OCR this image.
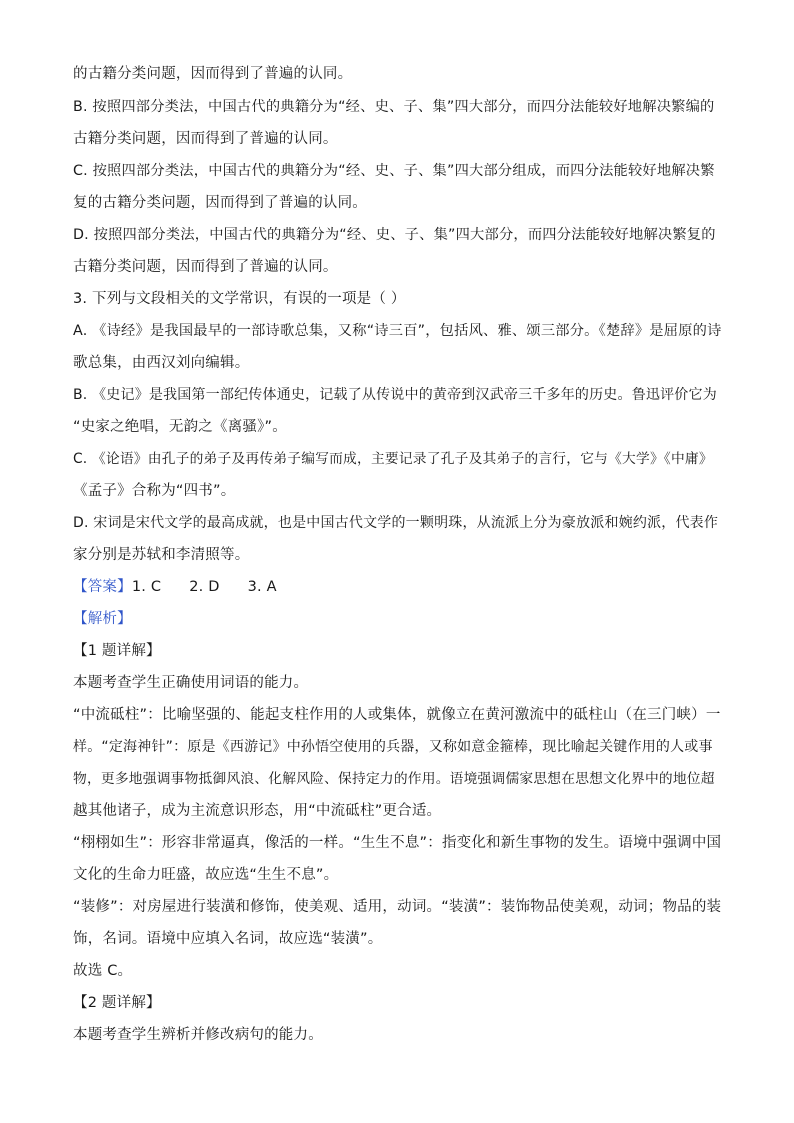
的古籍分类问题，因而得到了普遍的认同。
B. 按照四部分类法，中国古代的典籍分为“经、史、子、集”四大部分，而四分法能较好地解决繁编的
古籍分类问题，因而得到了普遍的认同。
C. 按照四部分类法，中国古代的典籍分为“经、史、子、集”四大部分组成，而四分法能较好地解决繁
复的古籍分类问题，因而得到了普遍的认同。
D. 按照四部分类法，中国古代的典籍分为“经、史、子、集”四大部分，而四分法能较好地解决繁复的
古籍分类问题，因而得到了普遍的认同。
3. 下列与文段相关的文学常识，有误的一项是（ ）
A. 《诗经》是我国最早的一部诗歌总集，又称“诗三百”，包括风、雅、颂三部分。《楚辞》是屈原的诗
歌总集，由西汉刘向编辑。
B. 《史记》是我国第一部纪传体通史，记载了从传说中的黄帝到汉武帝三千多年的历史。鲁迅评价它为
“史家之绝唱，无韵之《离骚》”。
C. 《论语》由孔子的弟子及再传弟子编写而成，主要记录了孔子及其弟子的言行，它与《大学》《中庸》
《孟子》合称为“四书”。
D. 宋词是宋代文学的最高成就，也是中国古代文学的一颗明珠，从流派上分为豪放派和婉约派，代表作
家分别是苏轼和李清照等。
【答案】1. C 2. D 3. A
【解析】
【1 题详解】
本题考查学生正确使用词语的能力。
“中流砥柱”：比喻坚强的、能起支柱作用的人或集体，就像立在黄河激流中的砥柱山（在三门峡）一
样。“定海神针”：原是《西游记》中孙悟空使用的兵器，又称如意金箍棒，现比喻起关键作用的人或事
物，更多地强调事物抵御风浪、化解风险、保持定力的作用。语境强调儒家思想在思想文化界中的地位超
越其他诸子，成为主流意识形态，用“中流砥柱”更合适。
“栩栩如生”：形容非常逼真，像活的一样。“生生不息”：指变化和新生事物的发生。语境中强调中国
文化的生命力旺盛，故应选“生生不息”。
“装修”：对房屋进行装潢和修饰，使美观、适用，动词。“装潢”：装饰物品使美观，动词；物品的装
饰，名词。语境中应填入名词，故应选“装潢”。
故选 C。
【2 题详解】
本题考查学生辨析并修改病句的能力。
